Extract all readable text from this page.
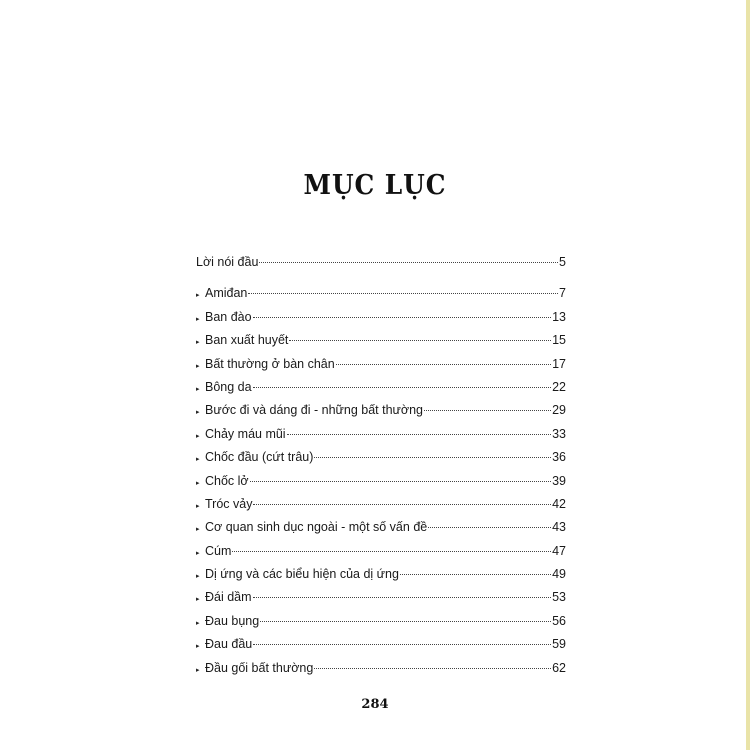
MỤC LỤC
Lời nói đầu	5
▸ Amiđan	7
▸ Ban đào	13
▸ Ban xuất huyết	15
▸ Bất thường ở bàn chân	17
▸ Bông da	22
▸ Bước đi và dáng đi - những bất thường	29
▸ Chảy máu mũi	33
▸ Chốc đầu (cứt trâu)	36
▸ Chốc lở	39
▸ Tróc vảy	42
▸ Cơ quan sinh dục ngoài - một số vấn đề	43
▸ Cúm	47
▸ Dị ứng và các biểu hiện của dị ứng	49
▸ Đái dầm	53
▸ Đau bụng	56
▸ Đau đầu	59
▸ Đầu gối bất thường	62
284
